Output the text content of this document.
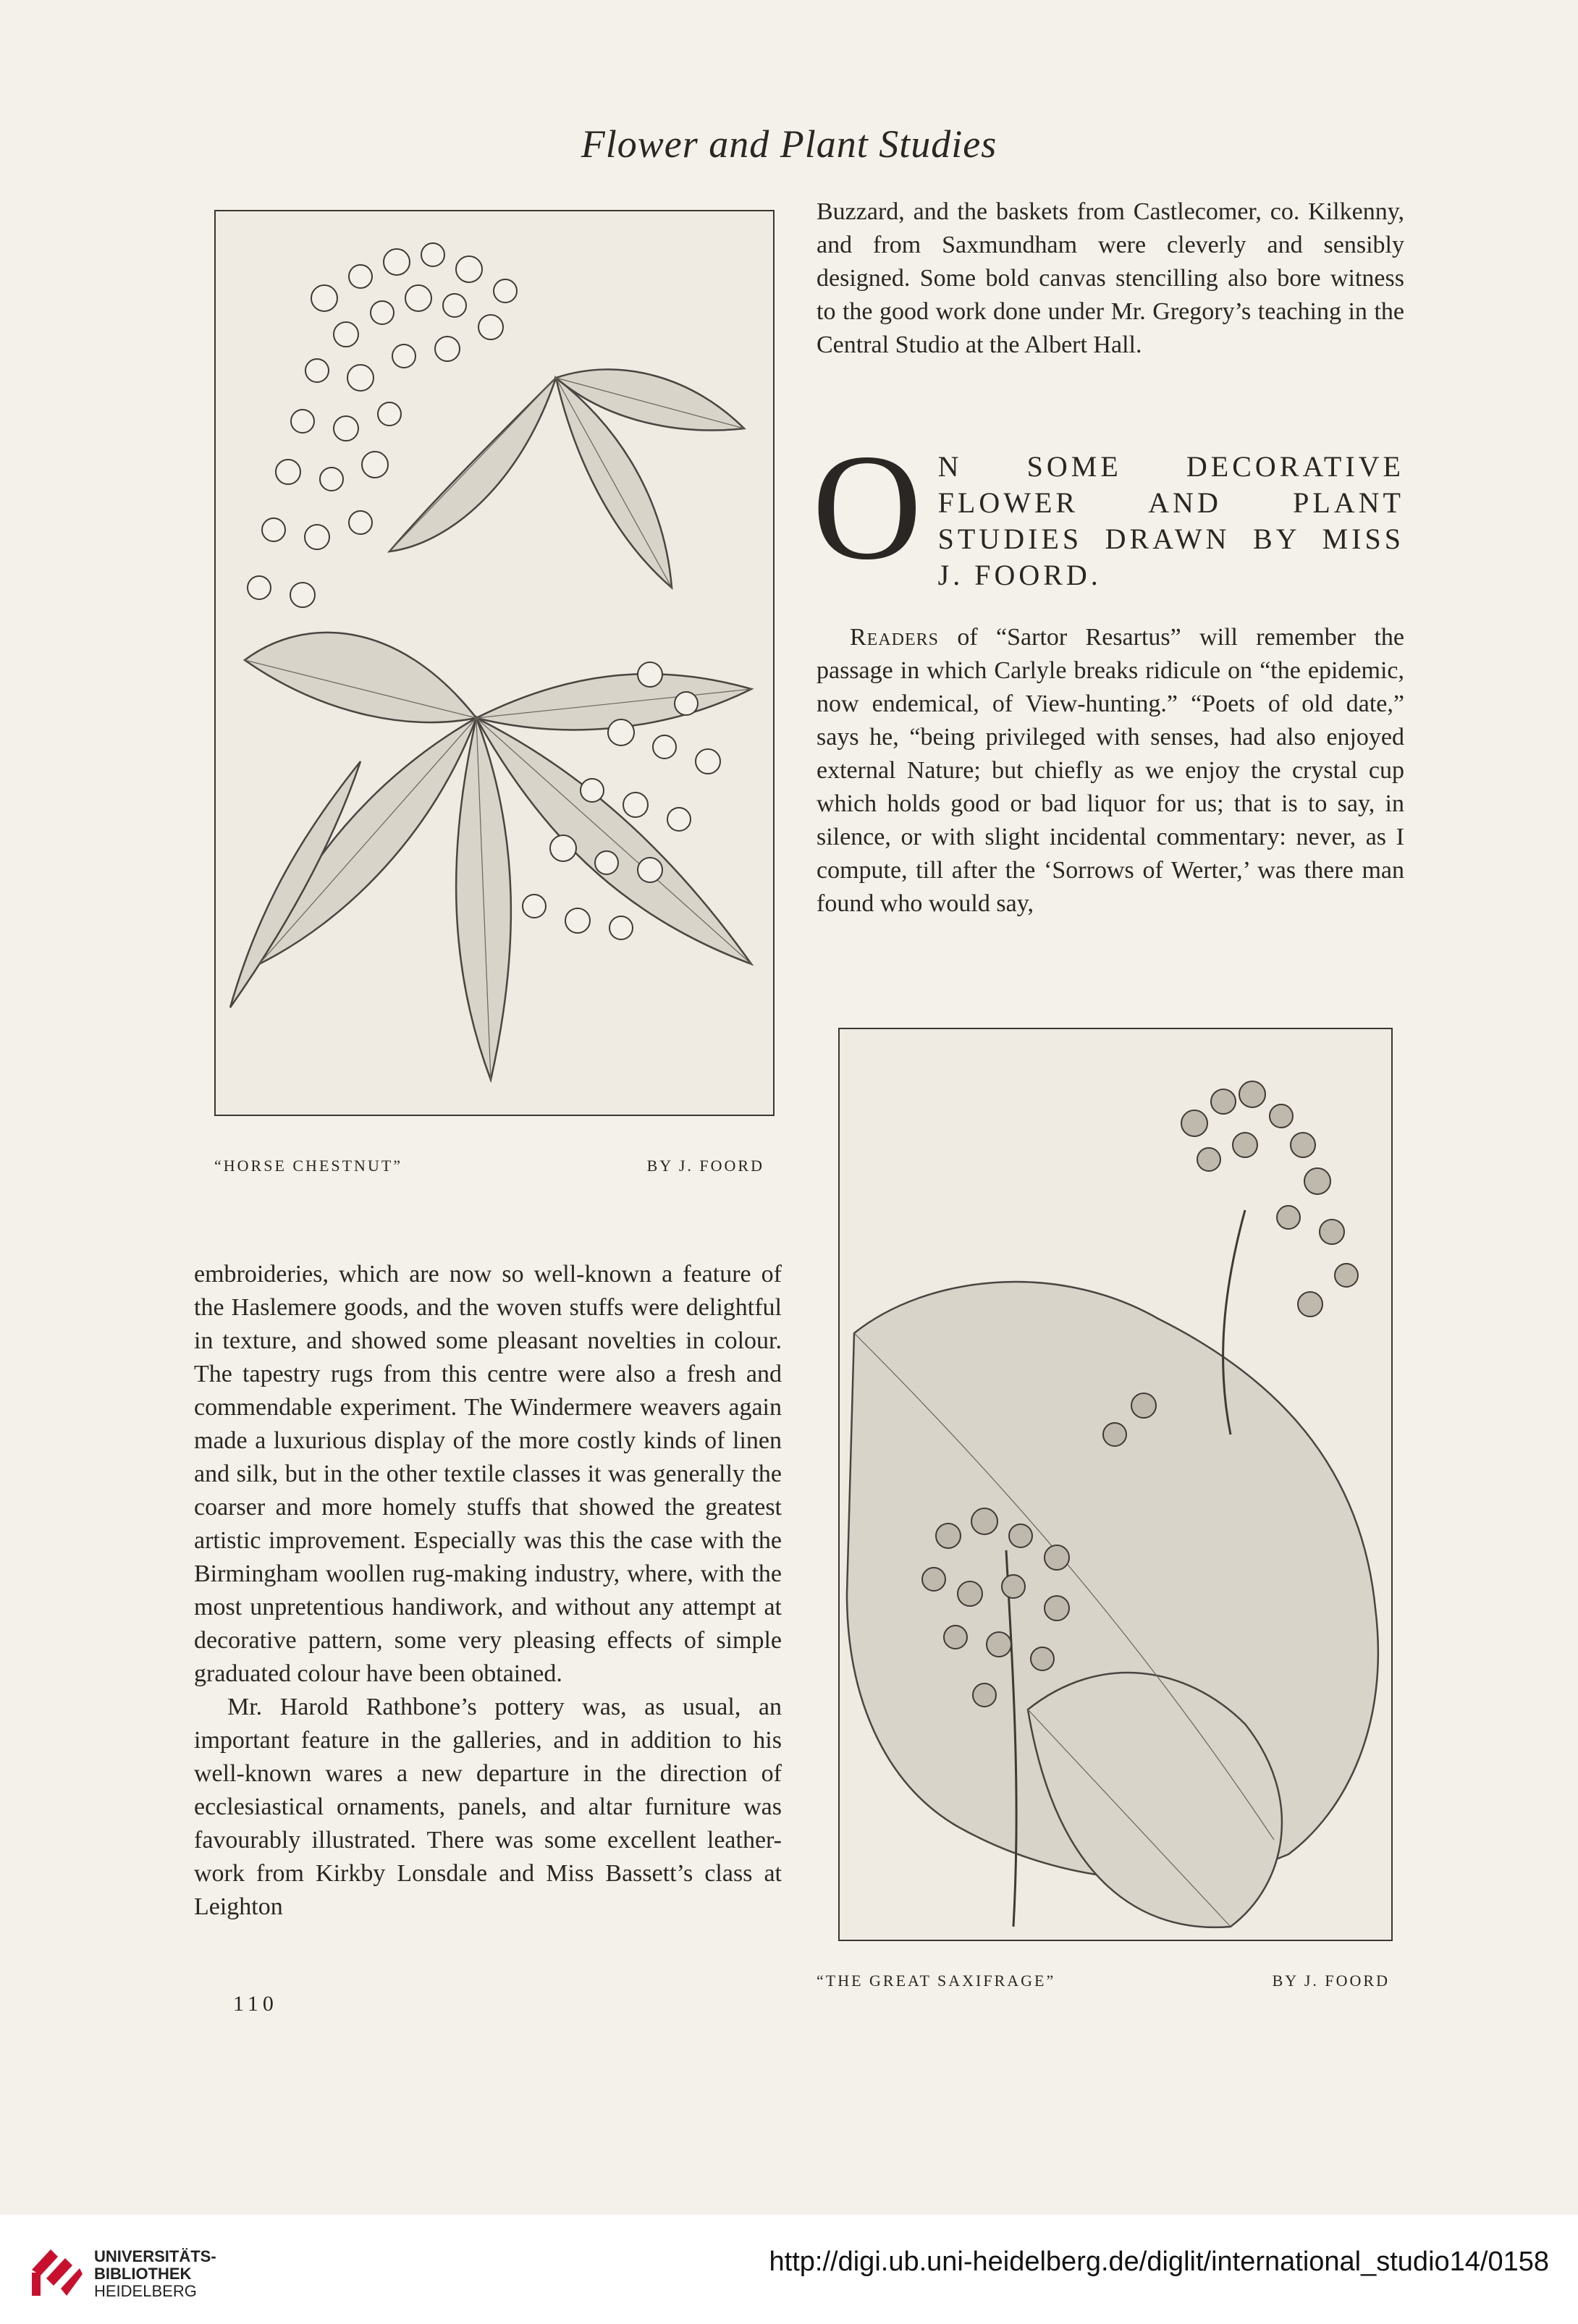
Flower and Plant Studies
“HORSE CHESTNUT”	BY J. FOORD

Buzzard, and the baskets from Castlecomer, co. Kilkenny, and from Saxmundham were cleverly and sensibly designed. Some bold canvas stencilling also bore witness to the good work done under Mr. Gregory’s teaching in the Central Studio at the Albert Hall.

O N SOME DECORATIVE FLOWER AND PLANT STUDIES DRAWN BY MISS J. FOORD.

Readers of “Sartor Resartus” will remember the passage in which Carlyle breaks ridicule on “the epidemic, now endemical, of View-hunting.” “Poets of old date,” says he, “being privileged with senses, had also enjoyed external Nature; but chiefly as we enjoy the crystal cup which holds good or bad liquor for us; that is to say, in silence, or with slight incidental commentary: never, as I compute, till after the ‘Sorrows of Werter,’ was there man found who would say,

“THE GREAT SAXIFRAGE”	BY J. FOORD

embroideries, which are now so well-known a feature of the Haslemere goods, and the woven stuffs were delightful in texture, and showed some pleasant novelties in colour. The tapestry rugs from this centre were also a fresh and commendable experiment. The Windermere weavers again made a luxurious display of the more costly kinds of linen and silk, but in the other textile classes it was generally the coarser and more homely stuffs that showed the greatest artistic improvement. Especially was this the case with the Birmingham woollen rug-making industry, where, with the most unpretentious handiwork, and without any attempt at decorative pattern, some very pleasing effects of simple graduated colour have been obtained.

Mr. Harold Rathbone’s pottery was, as usual, an important feature in the galleries, and in addition to his well-known wares a new departure in the direction of ecclesiastical ornaments, panels, and altar furniture was favourably illustrated. There was some excellent leather-work from Kirkby Lonsdale and Miss Bassett’s class at Leighton

110
UNIVERSITÄTS-
BIBLIOTHEK
HEIDELBERG
http://digi.ub.uni-heidelberg.de/diglit/international_studio14/0158
